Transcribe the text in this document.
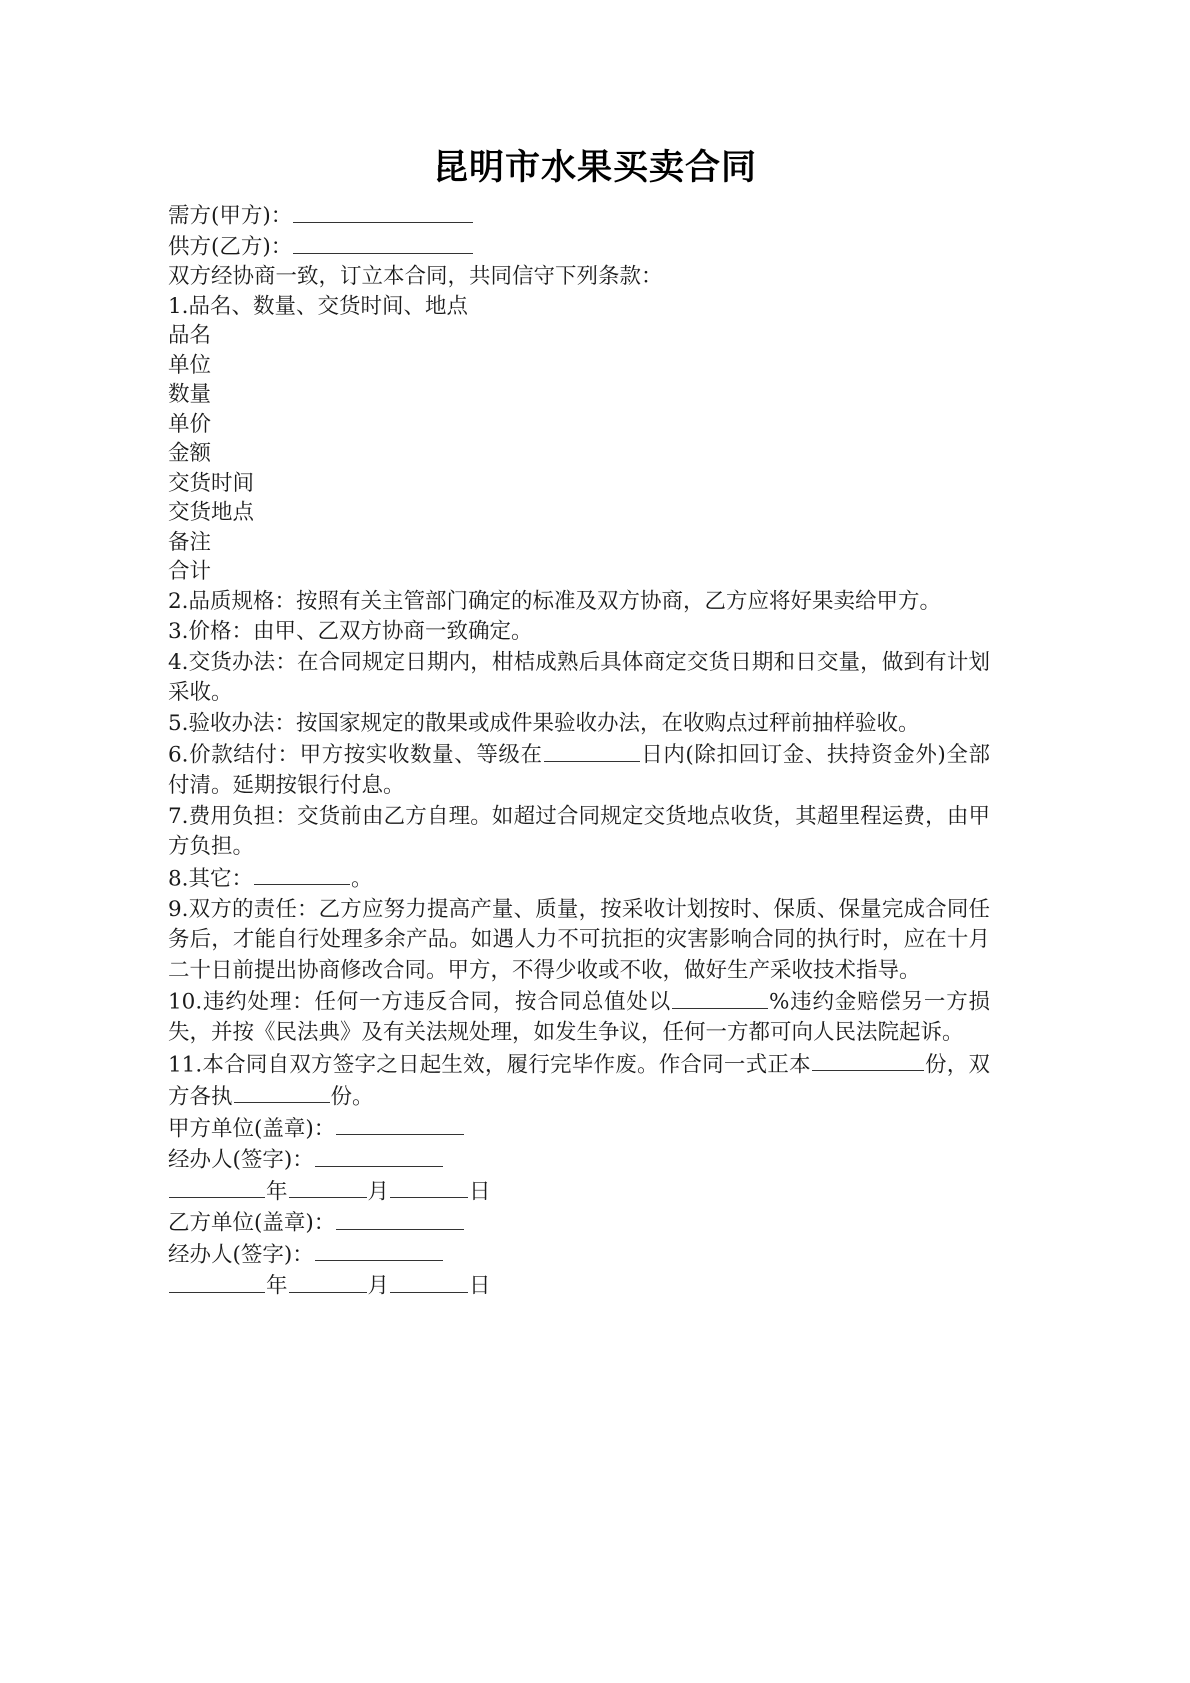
昆明市水果买卖合同
需方(甲方)：
供方(乙方)：
双方经协商一致，订立本合同，共同信守下列条款：
1.品名、数量、交货时间、地点
品名
单位
数量
单价
金额
交货时间
交货地点
备注
合计
2.品质规格：按照有关主管部门确定的标准及双方协商，乙方应将好果卖给甲方。
3.价格：由甲、乙双方协商一致确定。
4.交货办法：在合同规定日期内，柑桔成熟后具体商定交货日期和日交量，做到有计划采收。
5.验收办法：按国家规定的散果或成件果验收办法，在收购点过秤前抽样验收。
6.价款结付：甲方按实收数量、等级在	日内(除扣回订金、扶持资金外)全部付清。延期按银行付息。
7.费用负担：交货前由乙方自理。如超过合同规定交货地点收货，其超里程运费，由甲方负担。
8.其它：	。
9.双方的责任：乙方应努力提高产量、质量，按采收计划按时、保质、保量完成合同任务后，才能自行处理多余产品。如遇人力不可抗拒的灾害影响合同的执行时，应在十月二十日前提出协商修改合同。甲方，不得少收或不收，做好生产采收技术指导。
10.违约处理：任何一方违反合同，按合同总值处以	%违约金赔偿另一方损失，并按《民法典》及有关法规处理，如发生争议，任何一方都可向人民法院起诉。
11.本合同自双方签字之日起生效，履行完毕作废。作合同一式正本	份，双方各执	份。
甲方单位(盖章)：
经办人(签字)：
年	月	日
乙方单位(盖章)：
经办人(签字)：
年	月	日
